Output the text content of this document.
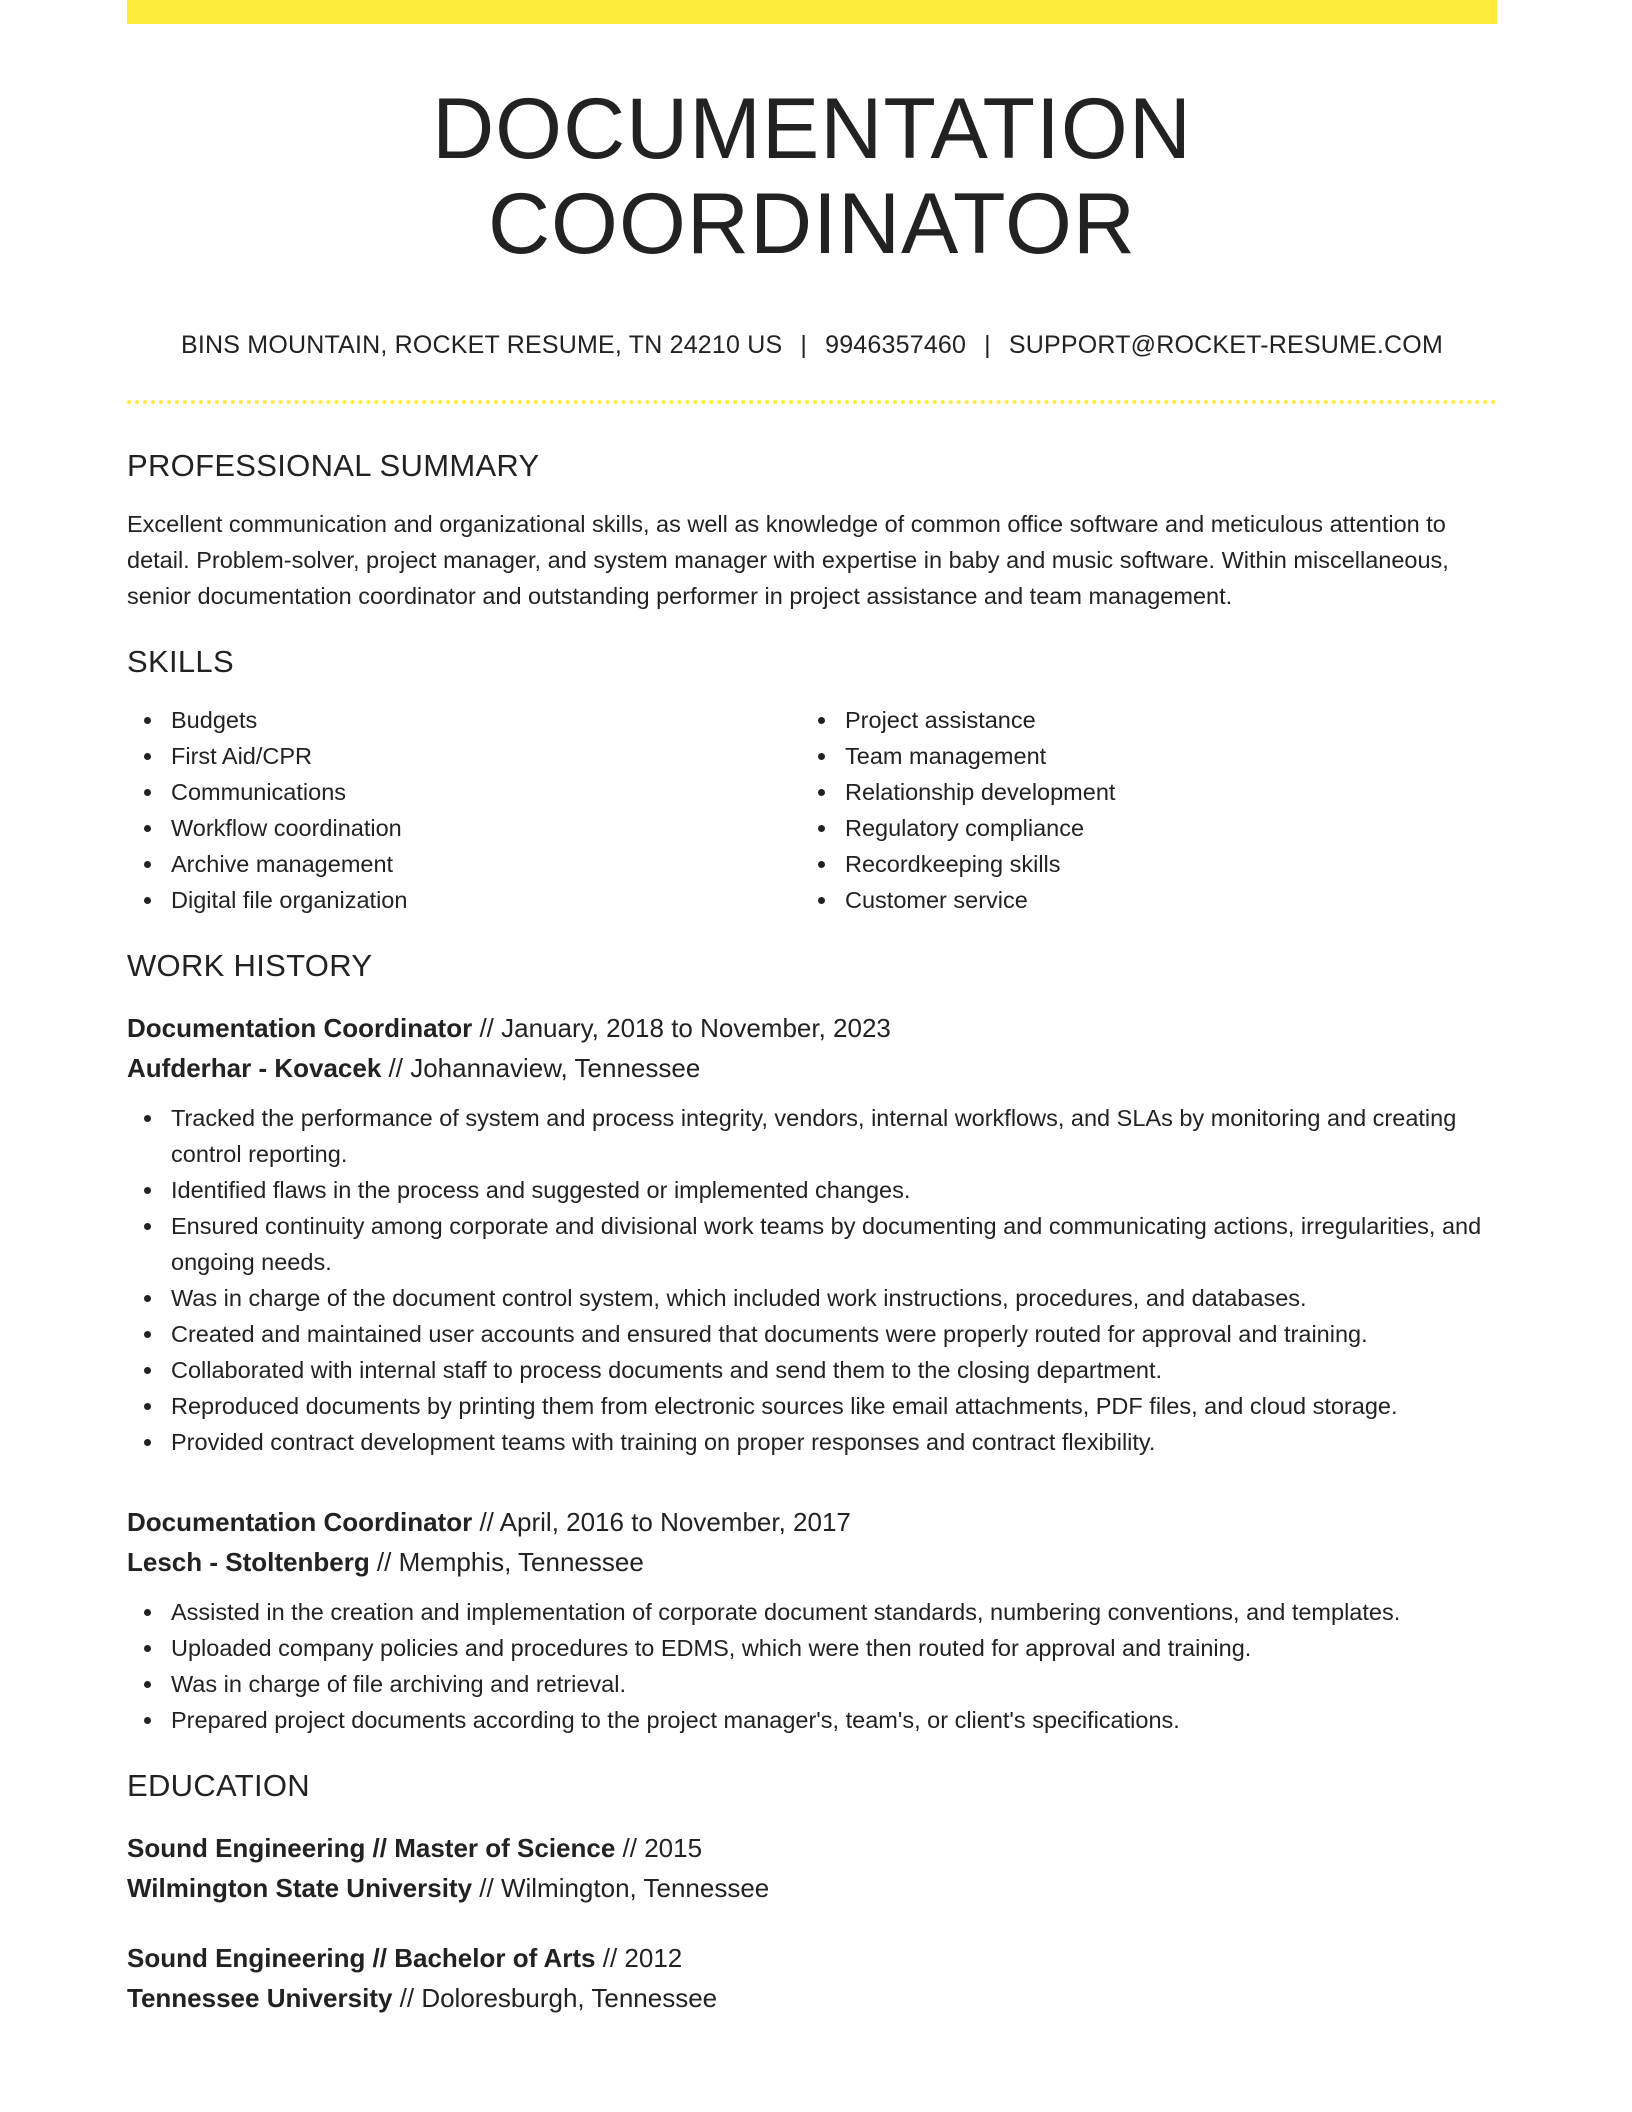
DOCUMENTATION COORDINATOR
BINS MOUNTAIN, ROCKET RESUME, TN 24210 US | 9946357460 | SUPPORT@ROCKET-RESUME.COM
PROFESSIONAL SUMMARY
Excellent communication and organizational skills, as well as knowledge of common office software and meticulous attention to detail. Problem-solver, project manager, and system manager with expertise in baby and music software. Within miscellaneous, senior documentation coordinator and outstanding performer in project assistance and team management.
SKILLS
Budgets
First Aid/CPR
Communications
Workflow coordination
Archive management
Digital file organization
Project assistance
Team management
Relationship development
Regulatory compliance
Recordkeeping skills
Customer service
WORK HISTORY
Documentation Coordinator // January, 2018 to November, 2023
Aufderhar - Kovacek // Johannaview, Tennessee
Tracked the performance of system and process integrity, vendors, internal workflows, and SLAs by monitoring and creating control reporting.
Identified flaws in the process and suggested or implemented changes.
Ensured continuity among corporate and divisional work teams by documenting and communicating actions, irregularities, and ongoing needs.
Was in charge of the document control system, which included work instructions, procedures, and databases.
Created and maintained user accounts and ensured that documents were properly routed for approval and training.
Collaborated with internal staff to process documents and send them to the closing department.
Reproduced documents by printing them from electronic sources like email attachments, PDF files, and cloud storage.
Provided contract development teams with training on proper responses and contract flexibility.
Documentation Coordinator // April, 2016 to November, 2017
Lesch - Stoltenberg // Memphis, Tennessee
Assisted in the creation and implementation of corporate document standards, numbering conventions, and templates.
Uploaded company policies and procedures to EDMS, which were then routed for approval and training.
Was in charge of file archiving and retrieval.
Prepared project documents according to the project manager's, team's, or client's specifications.
EDUCATION
Sound Engineering // Master of Science // 2015
Wilmington State University // Wilmington, Tennessee
Sound Engineering // Bachelor of Arts // 2012
Tennessee University // Doloresburgh, Tennessee
